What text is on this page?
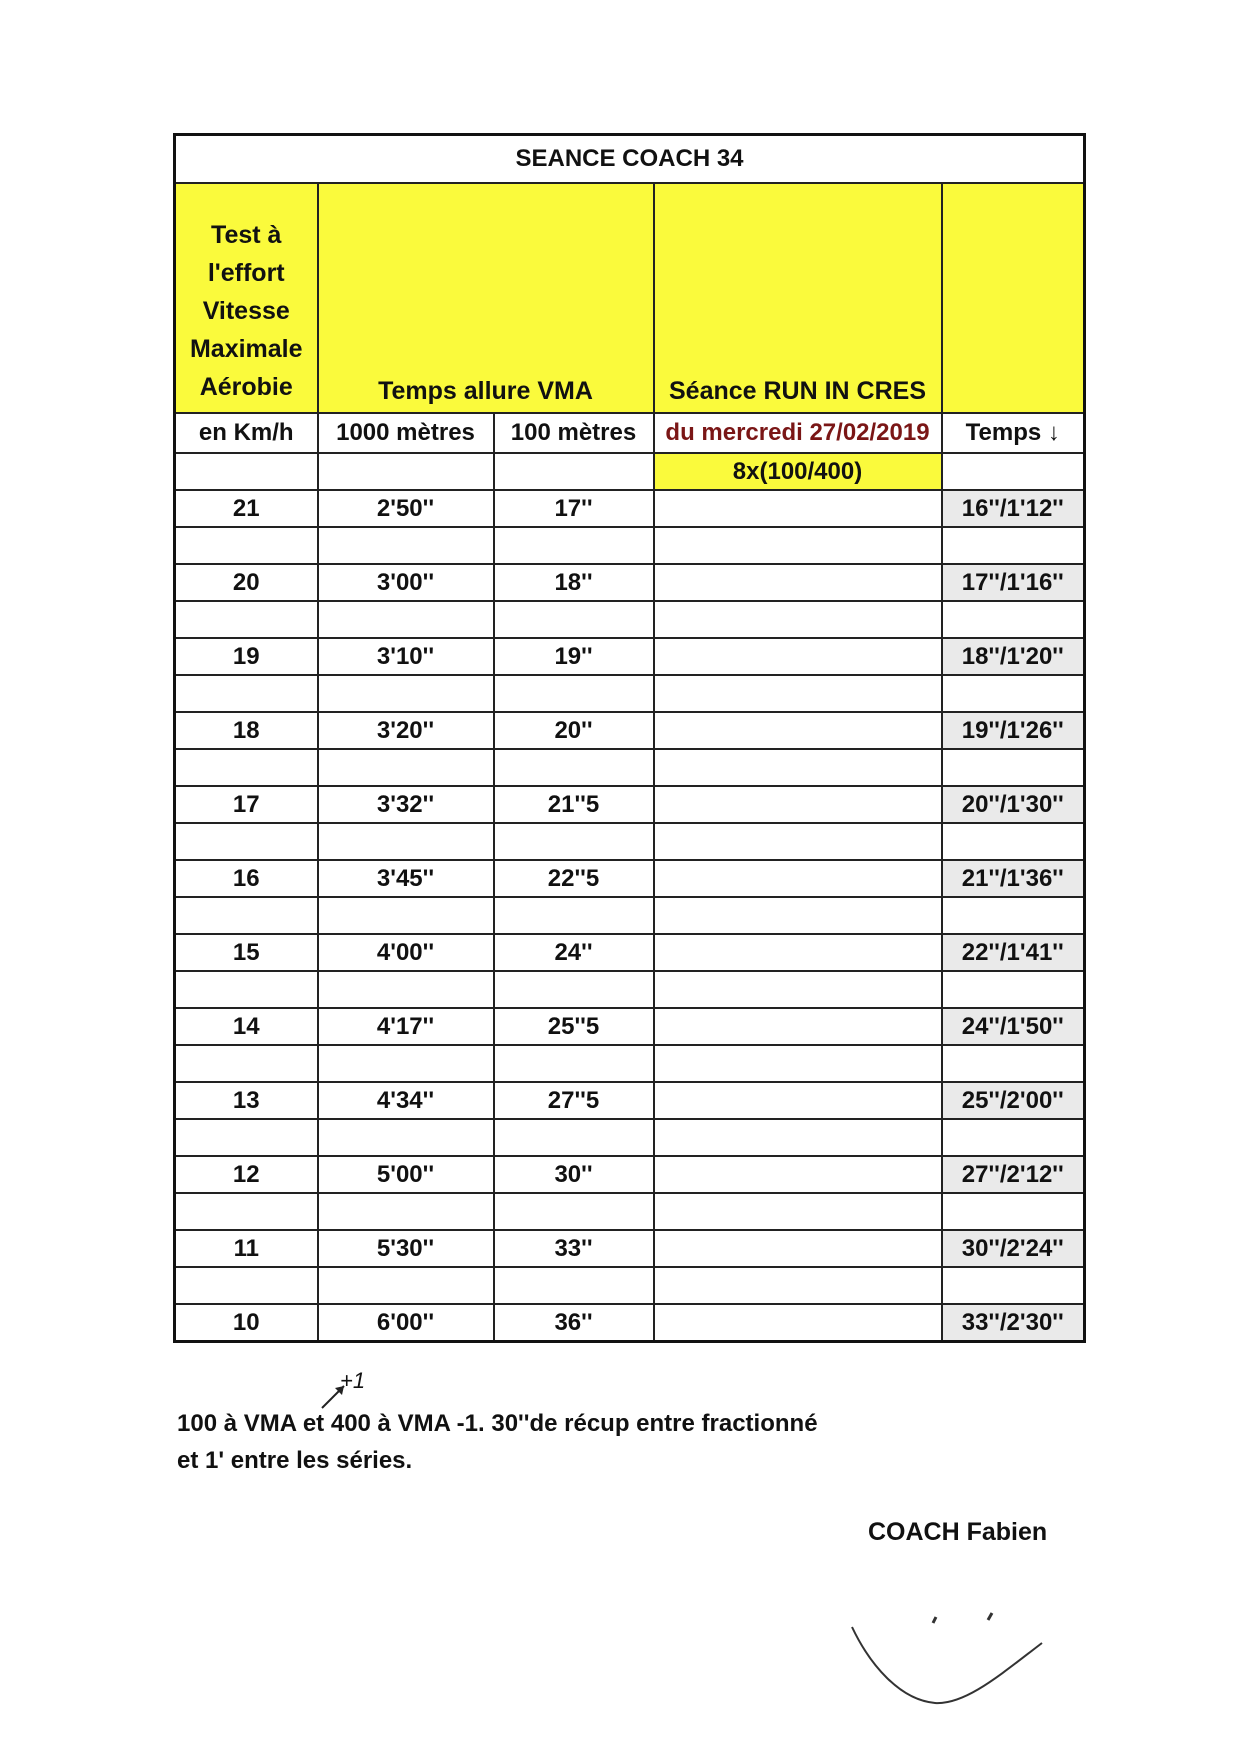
SEANCE COACH 34				
Test à l'effort Vitesse Maximale Aérobie	Temps allure VMA		Séance RUN IN CRES	
en Km/h	1000 mètres	100 mètres	du mercredi 27/02/2019	Temps ↓
			8x(100/400)	
21	2'50''	17''		16''/1'12''

20	3'00''	18''		17''/1'16''

19	3'10''	19''		18''/1'20''

18	3'20''	20''		19''/1'26''

17	3'32''	21''5		20''/1'30''

16	3'45''	22''5		21''/1'36''

15	4'00''	24''		22''/1'41''

14	4'17''	25''5		24''/1'50''

13	4'34''	27''5		25''/2'00''

12	5'00''	30''		27''/2'12''

11	5'30''	33''		30''/2'24''

10	6'00''	36''		33''/2'30''
+1
100 à VMA et 400 à VMA -1. 30''de récup entre fractionné
et 1' entre les séries.
COACH Fabien
